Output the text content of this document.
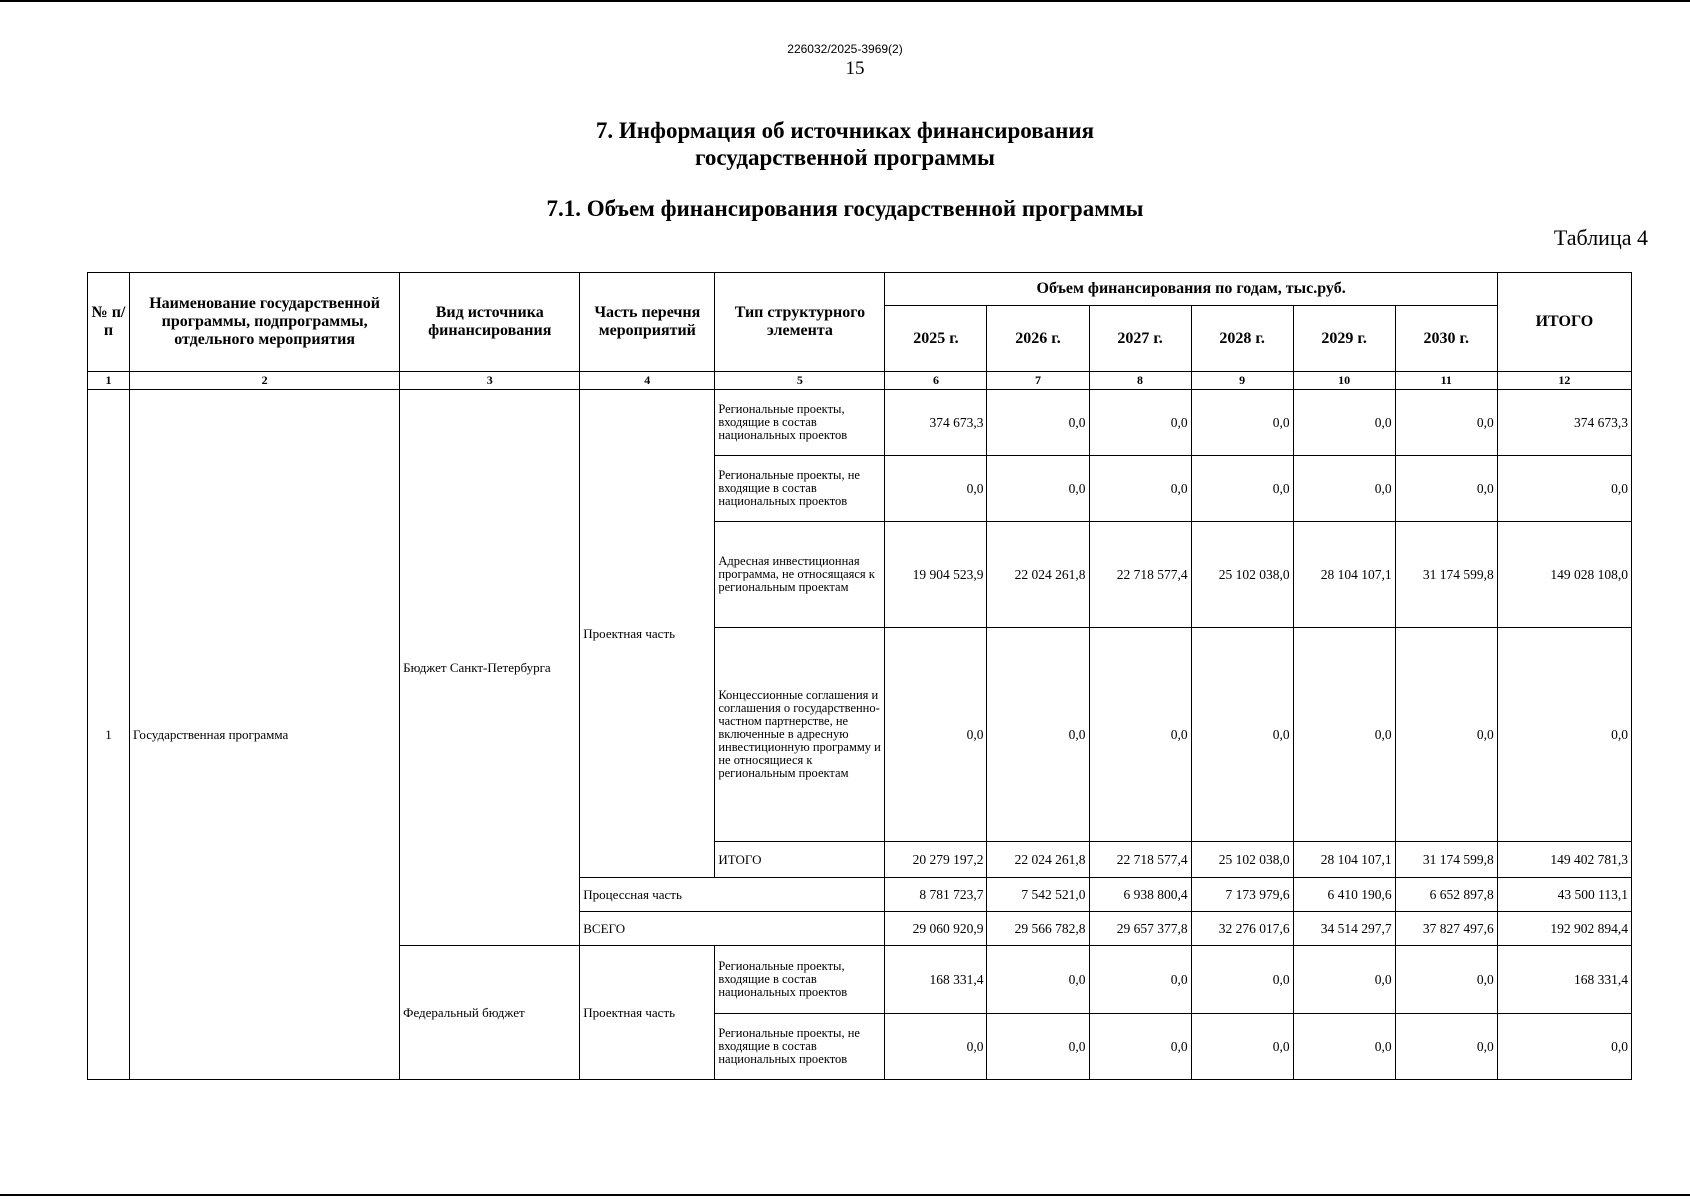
226032/2025-3969(2)
15
7. Информация об источниках финансирования
государственной программы
7.1. Объем финансирования государственной программы
Таблица 4
№ п/п	Наименование государственной программы, подпрограммы, отдельного мероприятия	Вид источника финансирования	Часть перечня мероприятий	Тип структурного элемента	Объем финансирования по годам, тыс.руб.						ИТОГО
					2025 г.	2026 г.	2027 г.	2028 г.	2029 г.	2030 г.	
1	2	3	4	5	6	7	8	9	10	11	12
1	Государственная программа	Бюджет Санкт-Петербурга	Проектная часть	Региональные проекты, входящие в состав национальных проектов	374 673,3	0,0	0,0	0,0	0,0	0,0	374 673,3
				Региональные проекты, не входящие в состав национальных проектов	0,0	0,0	0,0	0,0	0,0	0,0	0,0
				Адресная инвестиционная программа, не относящаяся к региональным проектам	19 904 523,9	22 024 261,8	22 718 577,4	25 102 038,0	28 104 107,1	31 174 599,8	149 028 108,0
				Концессионные соглашения и соглашения о государственно-частном партнерстве, не включенные в адресную инвестиционную программу и не относящиеся к региональным проектам	0,0	0,0	0,0	0,0	0,0	0,0	0,0
				ИТОГО	20 279 197,2	22 024 261,8	22 718 577,4	25 102 038,0	28 104 107,1	31 174 599,8	149 402 781,3
			Процессная часть		8 781 723,7	7 542 521,0	6 938 800,4	7 173 979,6	6 410 190,6	6 652 897,8	43 500 113,1
			ВСЕГО		29 060 920,9	29 566 782,8	29 657 377,8	32 276 017,6	34 514 297,7	37 827 497,6	192 902 894,4
		Федеральный бюджет	Проектная часть	Региональные проекты, входящие в состав национальных проектов	168 331,4	0,0	0,0	0,0	0,0	0,0	168 331,4
				Региональные проекты, не входящие в состав национальных проектов	0,0	0,0	0,0	0,0	0,0	0,0	0,0
